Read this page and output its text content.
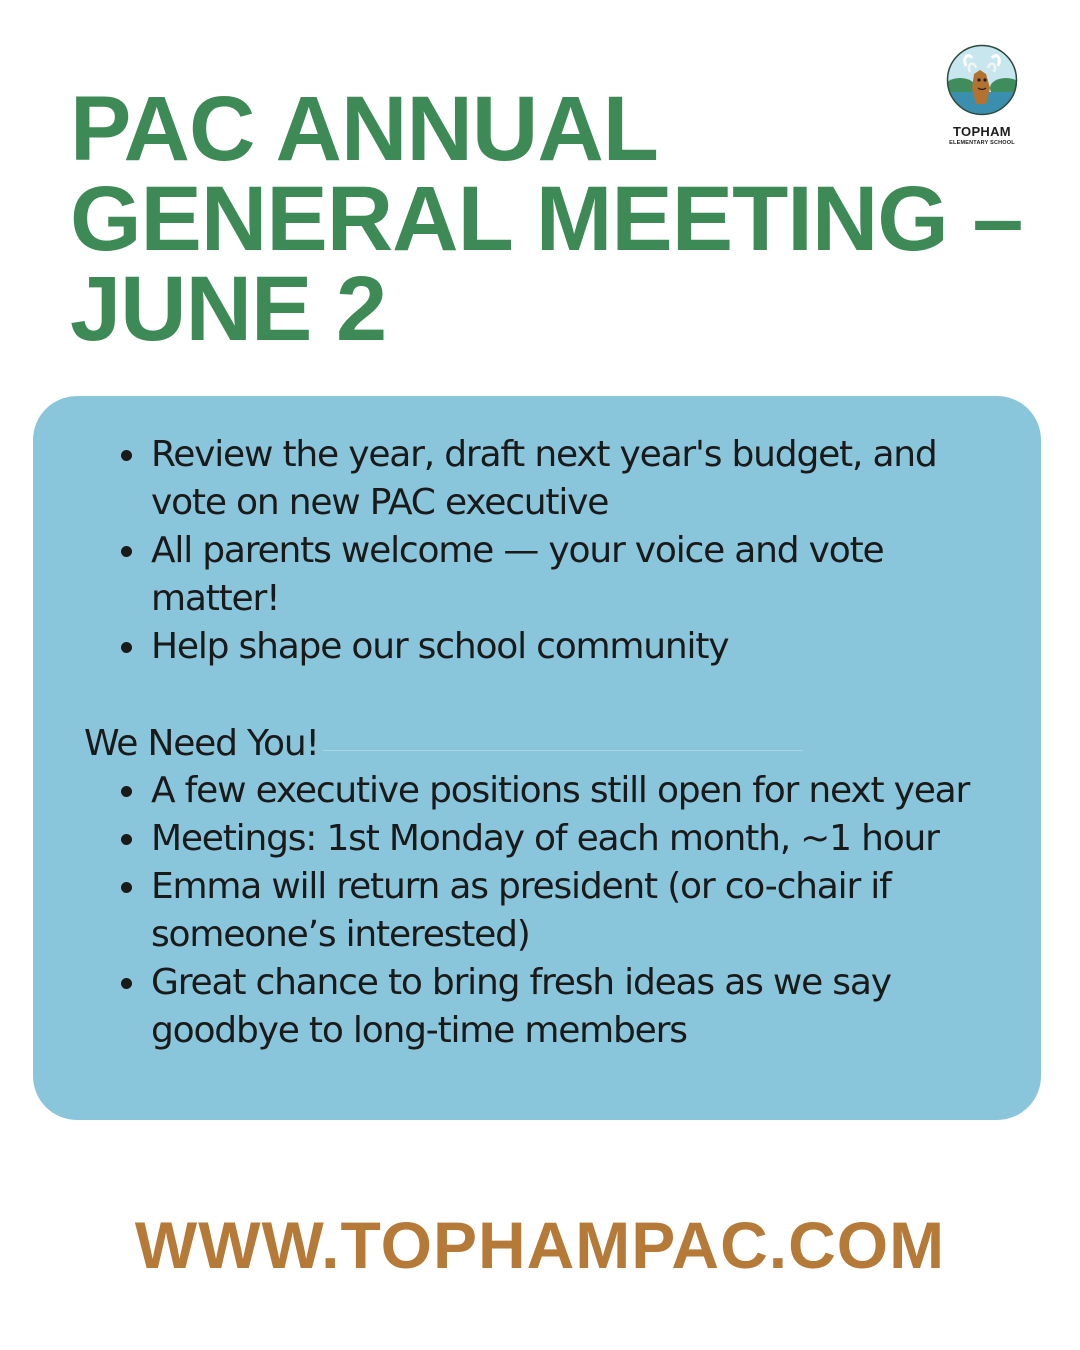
PAC ANNUAL
GENERAL MEETING –
JUNE 2
TOPHAM
ELEMENTARY SCHOOL
Review the year, draft next year's budget, and vote on new PAC executive
All parents welcome — your voice and vote matter!
Help shape our school community
We Need You!
A few executive positions still open for next year
Meetings: 1st Monday of each month, ~1 hour
Emma will return as president (or co-chair if someone’s interested)
Great chance to bring fresh ideas as we say goodbye to long-time members
WWW.TOPHAMPAC.COM
